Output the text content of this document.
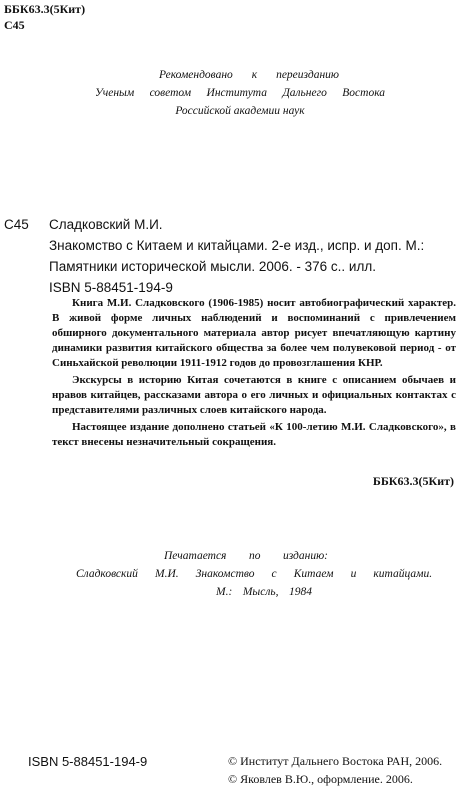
ББК63.3(5Кит)
С45
Рекомендовано к переизданию
Ученым советом Института Дальнего Востока
Российской академии наук
С45 Сладковский М.И.
Знакомство с Китаем и китайцами. 2-е изд., испр. и доп. М.:
Памятники исторической мысли. 2006. - 376 с.. илл.
ISBN 5-88451-194-9

Книга М.И. Сладковского (1906-1985) носит автобиографический характер. В живой форме личных наблюдений и воспоминаний с привлечением обширного документального материала автор рисует впечатляющую картину динамики развития китайского общества за более чем полувековой период - от Синьхайской революции 1911-1912 годов до провозглашения КНР.

Экскурсы в историю Китая сочетаются в книге с описанием обычаев и нравов китайцев, рассказами автора о его личных и официальных контактах с представителями различных слоев китайского народа.

Настоящее издание дополнено статьей «К 100-летию М.И. Сладковского», в текст внесены незначительный сокращения.

ББК63.3(5Кит)
Печатается по изданию:
Сладковский М.И. Знакомство с Китаем и китайцами.
М.: Мысль, 1984
ISBN 5-88451-194-9	© Институт Дальнего Востока РАН, 2006.
© Яковлев В.Ю., оформление. 2006.
